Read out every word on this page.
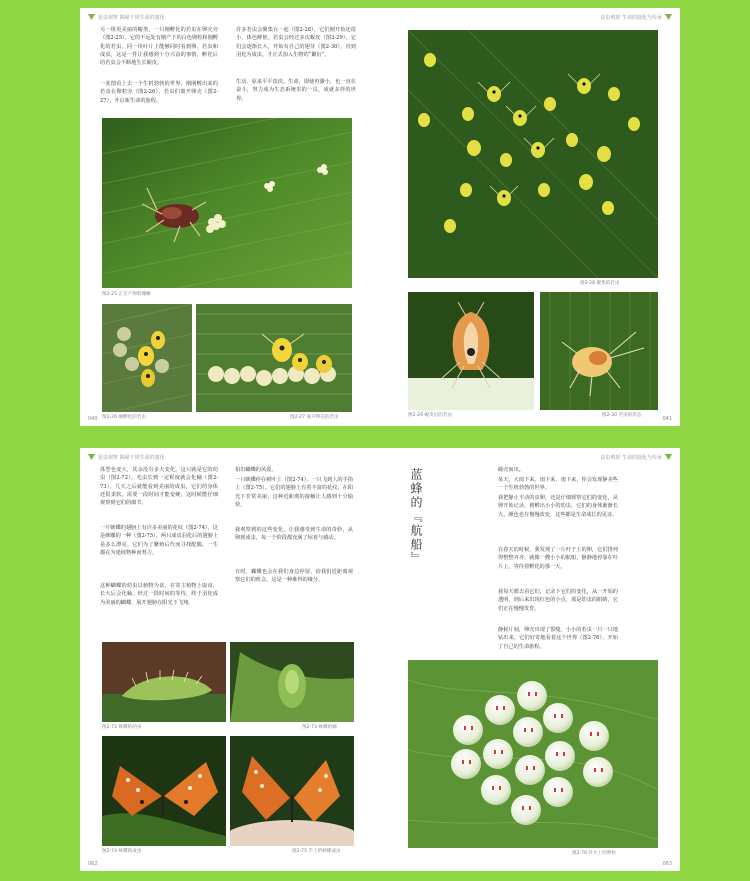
昆虫观察 揭秘不同生命的演化

另一组更美丽的蝽类，一只刚孵化的若虫在卵壳旁（图2-25）。它的不远处有刚产下的白色卵粒和刚孵化的若虫。同一块叶片上能够同时看到卵、若虫和成虫，这是一件让我感到十分兴奋的事情，孵化后的若虫会不断地生长蜕皮。

一张图看上去一个生机勃勃的世界，刚刚孵出来的若虫在卵粒旁（图2-26），若虫们离开卵壳（图2-27），开启新生命的旅程。

图2-25 正在产卵的雌蝽
图2-26 刚孵化的若虫	图2-27 离开卵壳的若虫
040
昆虫观察 生命的演化与传承
图2-28 聚集的若虫
图2-29 蜕皮后的若虫	图2-30 若虫的形态
041

许多若虫会聚集在一起（图2-28），它们刚开始还很小，体色鲜艳。若虫会经过多次蜕皮（图2-29），它们会逐渐长大，开始有自己的翅芽（图2-30），直到羽化为成虫，才正式加入生物的“繁衍”。

生活，原来平平淡淡。生命，即使再渺小，也一直在奋斗，努力成为生态系统里的一员，成就多样的世界。

昆虫观察 揭秘不同生命的演化

体型也变大，其余没有多大变化。这只就是它的幼虫（图2-72）。毛虫长到一定程度就会化蛹（图2-73），几天之后就能看到美丽的成虫，它们的身体还很柔软，需要一段时间才能变硬，这时候能仔细观察到它们的细节。

一片蛱蝶的翅膀上有许多美丽的花纹（图2-74），这是蛱蝶的一种（图2-75），两只成虫羽化后的翅膀上是多么漂亮。它们为了繁殖后代而寻找配偶，一生都在为延续物种而努力。

这种蝴蝶的幼虫以植物为食，在寄主植物上取食，长大后会化蛹，经过一段时间的等待，终于羽化成为美丽的蝴蝶，展开翅膀在阳光下飞翔。

拍出蝴蝶的风姿。

一只蛱蝶停在树叶上（图2-74），一只飞到人的手指上（图2-75）。它们的翅膀上有着丰富的花纹，在阳光下非常美丽，这种近距离的接触让人感到十分愉快。

我观察到的这些变化，让我感受到生命的奇妙，从卵到成虫，每一个阶段都充满了惊喜与感动。

有时，蝴蝶也会在我们身边停留，给我们近距离观察它们的机会，这是一种难得的缘分。

图2-72 蛱蝶的幼虫	图2-73 蛱蝶的蛹
图2-74 蛱蝶的成虫	图2-75 手上的蛱蝶成虫
062
昆虫观察 生命的演化与传承
蓝蜂的『航船』	破壳而出。

某天，大雨下来，雨下来，雨下来，你会发现静美些一个生机勃勃的世界。

我把静止不动的虫卵，还是仔细观察它们的变化，从卵开始记录，到孵出小小的幼虫，它们的身体渐渐长大，颜色也在慢慢改变，这些都是生命成长的见证。

在春天的时候，我发现了一片叶子上的卵，它们排列得整整齐齐，就像一艘小小的航船，静静地停靠在叶片上，等待着孵化的那一天。

我每天都去看它们，记录下它们的变化，从一开始的透明，到后来出现红色的小点，那是幼虫的眼睛，它们正在慢慢发育。

静候片刻，卵壳出现了裂缝，小小的若虫一只一只地钻出来，它们好奇地看着这个世界（图2-76），开始了自己的生命旅程。

图2-76 叶片上的卵粒
063
